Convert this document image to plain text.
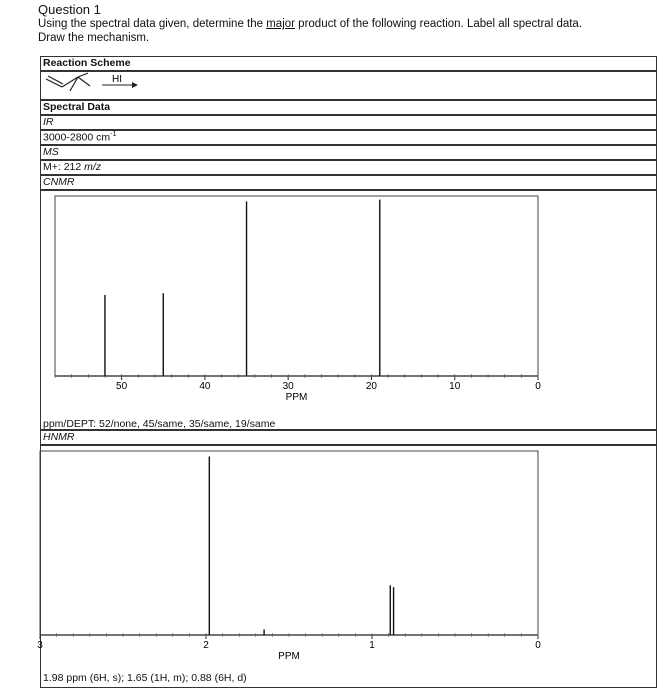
Question 1
Using the spectral data given, determine the major product of the following reaction. Label all spectral data.
Draw the mechanism.
Reaction Scheme
HI
Spectral Data
IR
3000-2800 $cm^{-1}$
MS
M+: 212 m/z
CNMR
50	40	30	20	10	0
PPM
ppm/DEPT: 52/none, 45/same, 35/same, 19/same
HNMR
3	2	1	0
PPM
1.98 ppm (6H, s); 1.65 (1H, m); 0.88 (6H, d)
